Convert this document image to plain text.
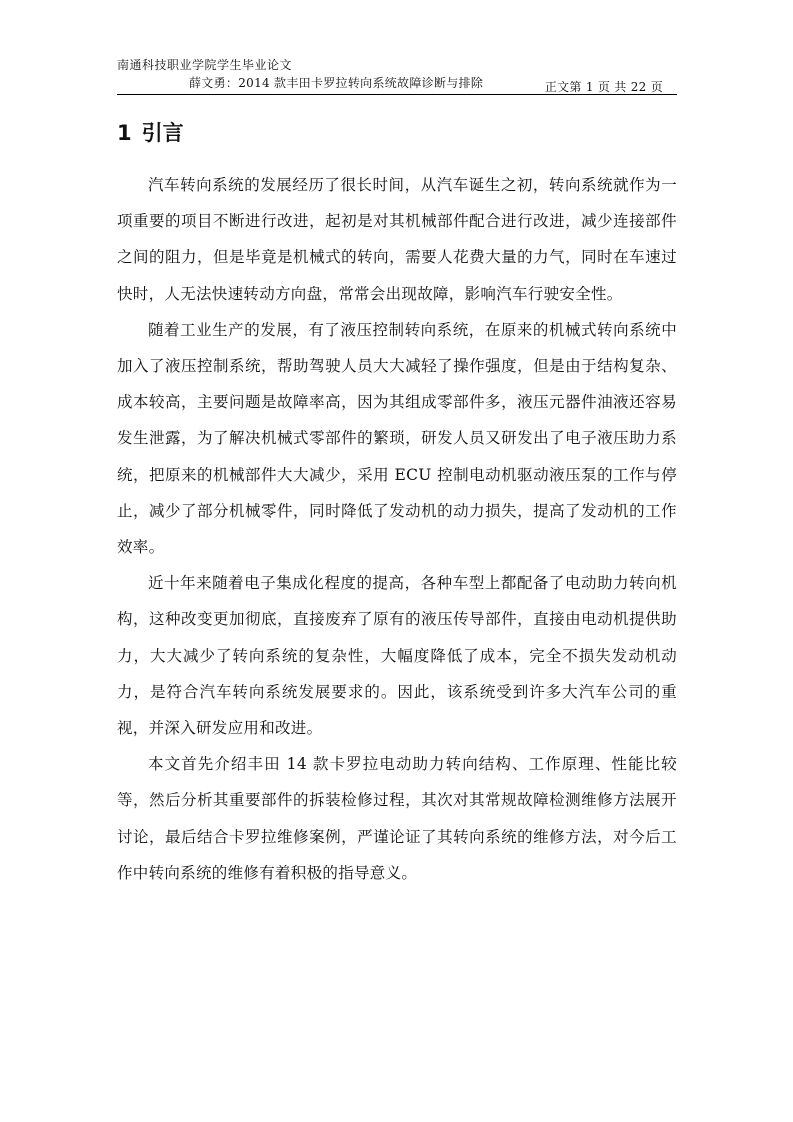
南通科技职业学院学生毕业论文
薛文勇：2014 款丰田卡罗拉转向系统故障诊断与排除	正文第 1 页 共 22 页
1 引言

汽车转向系统的发展经历了很长时间，从汽车诞生之初，转向系统就作为一项重要的项目不断进行改进，起初是对其机械部件配合进行改进，减少连接部件之间的阻力，但是毕竟是机械式的转向，需要人花费大量的力气，同时在车速过快时，人无法快速转动方向盘，常常会出现故障，影响汽车行驶安全性。

随着工业生产的发展，有了液压控制转向系统，在原来的机械式转向系统中加入了液压控制系统，帮助驾驶人员大大减轻了操作强度，但是由于结构复杂、成本较高，主要问题是故障率高，因为其组成零部件多，液压元器件油液还容易发生泄露，为了解决机械式零部件的繁琐，研发人员又研发出了电子液压助力系统，把原来的机械部件大大减少，采用 ECU 控制电动机驱动液压泵的工作与停止，减少了部分机械零件，同时降低了发动机的动力损失，提高了发动机的工作效率。

近十年来随着电子集成化程度的提高，各种车型上都配备了电动助力转向机构，这种改变更加彻底，直接废弃了原有的液压传导部件，直接由电动机提供助力，大大减少了转向系统的复杂性，大幅度降低了成本，完全不损失发动机动力，是符合汽车转向系统发展要求的。因此，该系统受到许多大汽车公司的重视，并深入研发应用和改进。

本文首先介绍丰田 14 款卡罗拉电动助力转向结构、工作原理、性能比较等，然后分析其重要部件的拆装检修过程，其次对其常规故障检测维修方法展开讨论，最后结合卡罗拉维修案例，严谨论证了其转向系统的维修方法，对今后工作中转向系统的维修有着积极的指导意义。
